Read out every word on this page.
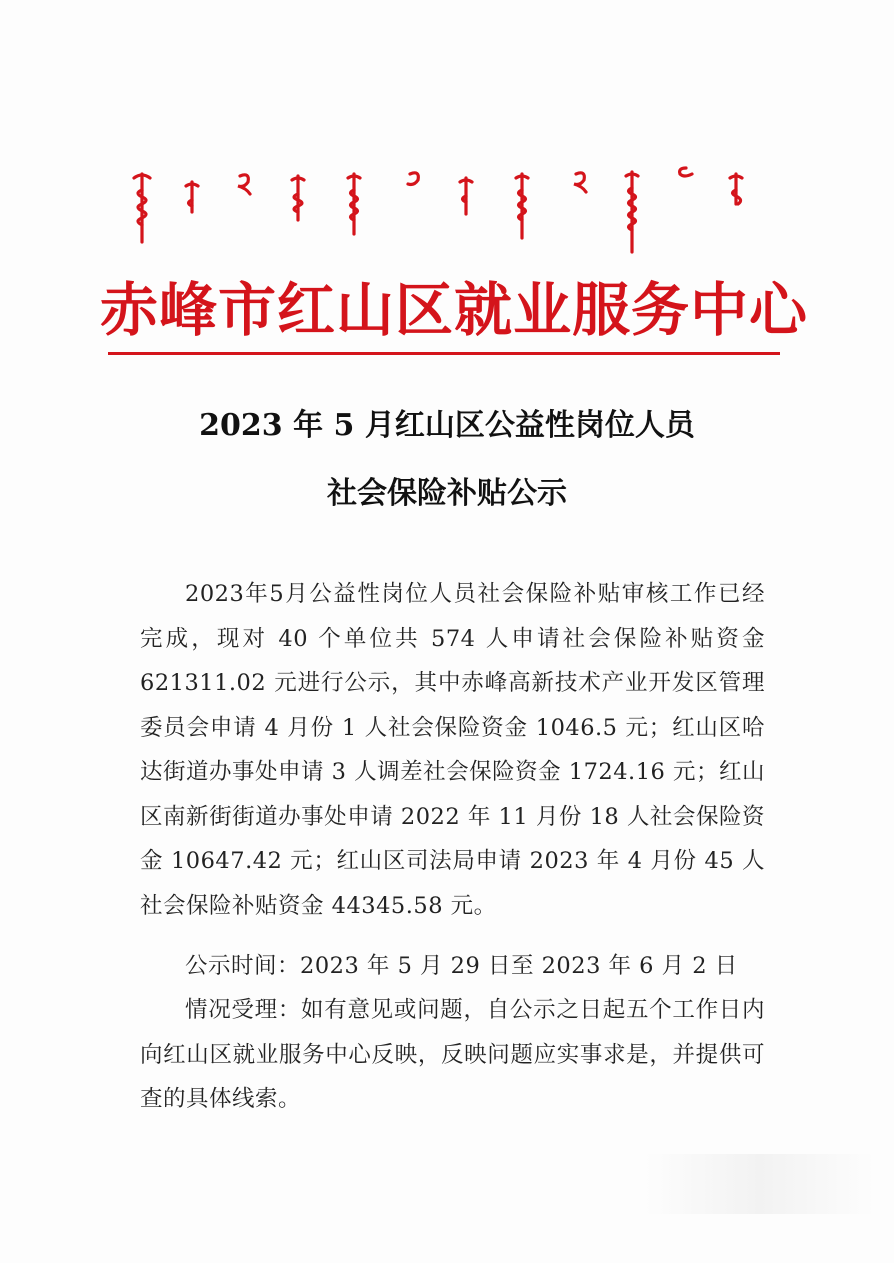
赤峰市红山区就业服务中心
2023 年 5 月红山区公益性岗位人员
社会保险补贴公示

2023年5月公益性岗位人员社会保险补贴审核工作已经完成，现对 40 个单位共 574 人申请社会保险补贴资金 621311.02 元进行公示，其中赤峰高新技术产业开发区管理委员会申请 4 月份 1 人社会保险资金 1046.5 元；红山区哈达街道办事处申请 3 人调差社会保险资金 1724.16 元；红山区南新街街道办事处申请 2022 年 11 月份 18 人社会保险资金 10647.42 元；红山区司法局申请 2023 年 4 月份 45 人社会保险补贴资金 44345.58 元。

公示时间：2023 年 5 月 29 日至 2023 年 6 月 2 日

情况受理：如有意见或问题，自公示之日起五个工作日内向红山区就业服务中心反映，反映问题应实事求是，并提供可查的具体线索。
